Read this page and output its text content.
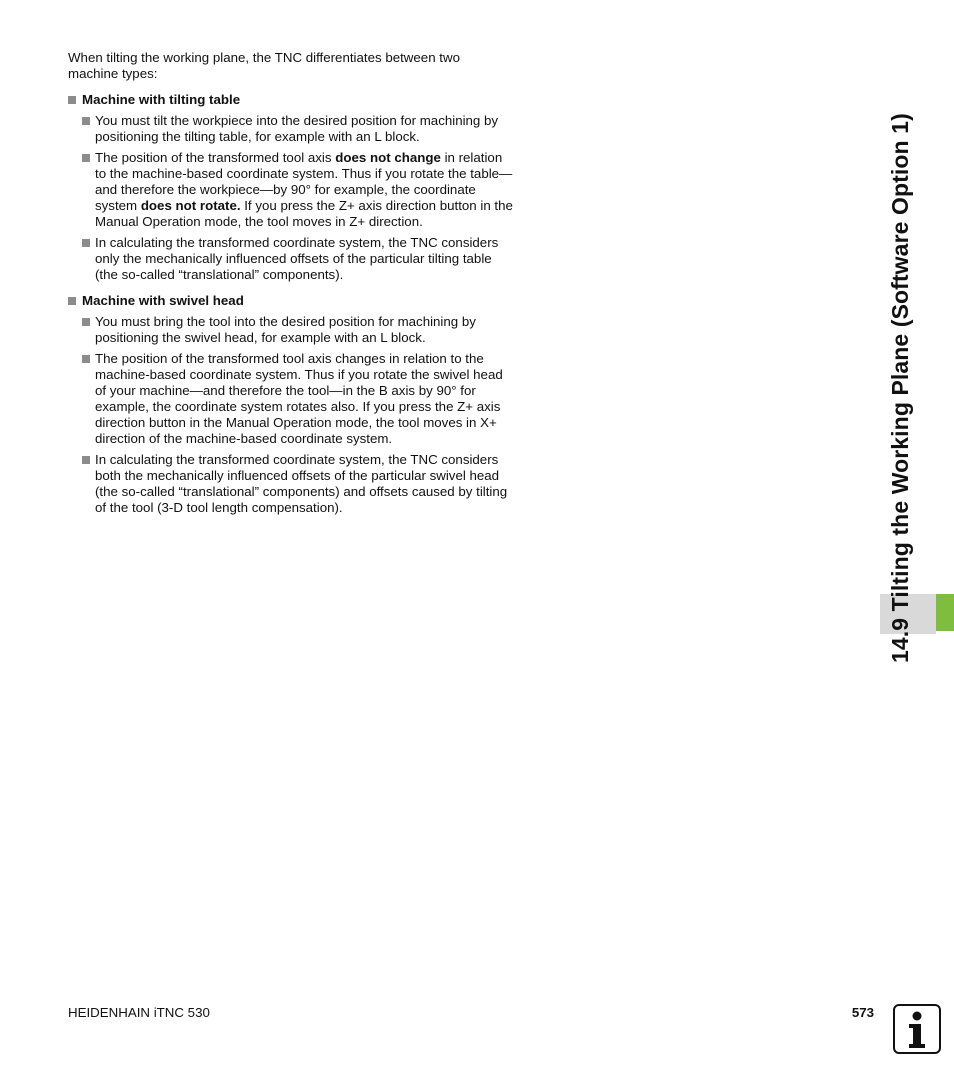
When tilting the working plane, the TNC differentiates between two machine types:

Machine with tilting table
You must tilt the workpiece into the desired position for machining by positioning the tilting table, for example with an L block.
The position of the transformed tool axis does not change in relation to the machine-based coordinate system. Thus if you rotate the table—and therefore the workpiece—by 90° for example, the coordinate system does not rotate. If you press the Z+ axis direction button in the Manual Operation mode, the tool moves in Z+ direction.
In calculating the transformed coordinate system, the TNC considers only the mechanically influenced offsets of the particular tilting table (the so-called “translational” components).
Machine with swivel head
You must bring the tool into the desired position for machining by positioning the swivel head, for example with an L block.
The position of the transformed tool axis changes in relation to the machine-based coordinate system. Thus if you rotate the swivel head of your machine—and therefore the tool—in the B axis by 90° for example, the coordinate system rotates also. If you press the Z+ axis direction button in the Manual Operation mode, the tool moves in X+ direction of the machine-based coordinate system.
In calculating the transformed coordinate system, the TNC considers both the mechanically influenced offsets of the particular swivel head (the so-called “translational” components) and offsets caused by tilting of the tool (3-D tool length compensation).	14.9 Tilting the Working Plane (Software Option 1)
HEIDENHAIN iTNC 530	573
